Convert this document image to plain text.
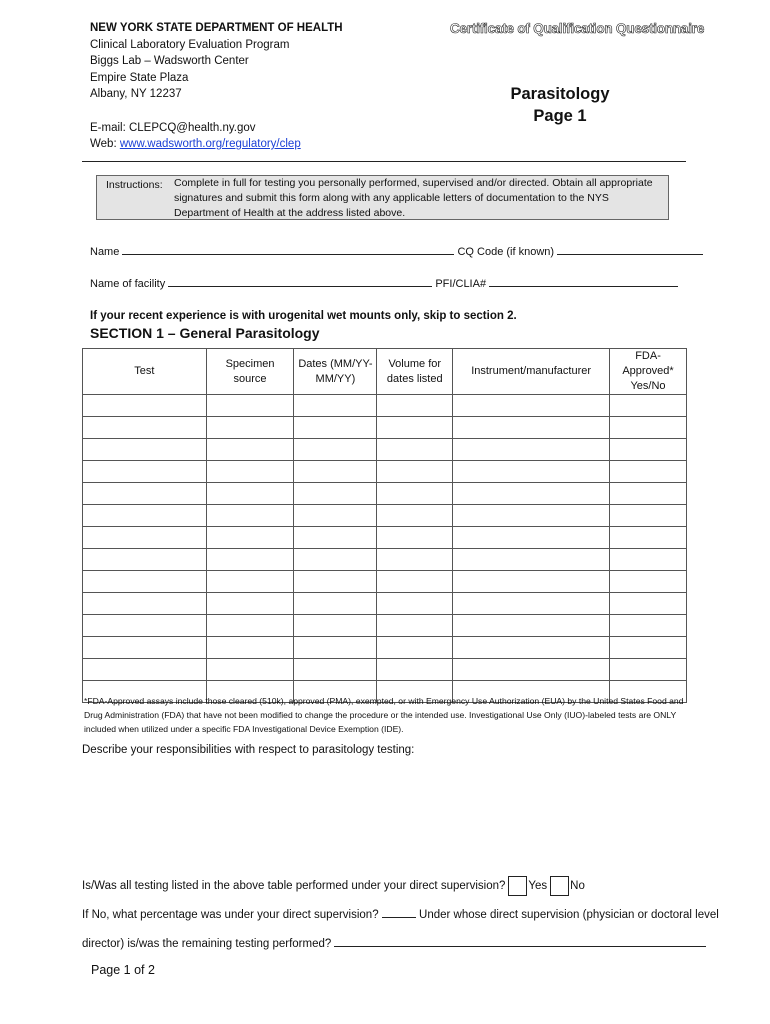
NEW YORK STATE DEPARTMENT OF HEALTH
Clinical Laboratory Evaluation Program
Biggs Lab – Wadsworth Center
Empire State Plaza
Albany, NY 12237
E-mail: CLEPCQ@health.ny.gov
Web: www.wadsworth.org/regulatory/clep
Certificate of Qualification Questionnaire
Parasitology
Page 1
Instructions: Complete in full for testing you personally performed, supervised and/or directed. Obtain all appropriate signatures and submit this form along with any applicable letters of documentation to the NYS Department of Health at the address listed above.
Name	CQ Code (if known)
Name of facility	PFI/CLIA#
If your recent experience is with urogenital wet mounts only, skip to section 2.
SECTION 1 – General Parasitology
Test	Specimen source	Dates (MM/YY-MM/YY)	Volume for dates listed	Instrument/manufacturer	FDA-Approved* Yes/No

*FDA-Approved assays include those cleared (510k), approved (PMA), exempted, or with Emergency Use Authorization (EUA) by the United States Food and Drug Administration (FDA) that have not been modified to change the procedure or the intended use. Investigational Use Only (IUO)-labeled tests are ONLY included when utilized under a specific FDA Investigational Device Exemption (IDE).
Describe your responsibilities with respect to parasitology testing:
Is/Was all testing listed in the above table performed under your direct supervision? Yes No
If No, what percentage was under your direct supervision?	Under whose direct supervision (physician or doctoral level
director) is/was the remaining testing performed?
Page 1 of 2
